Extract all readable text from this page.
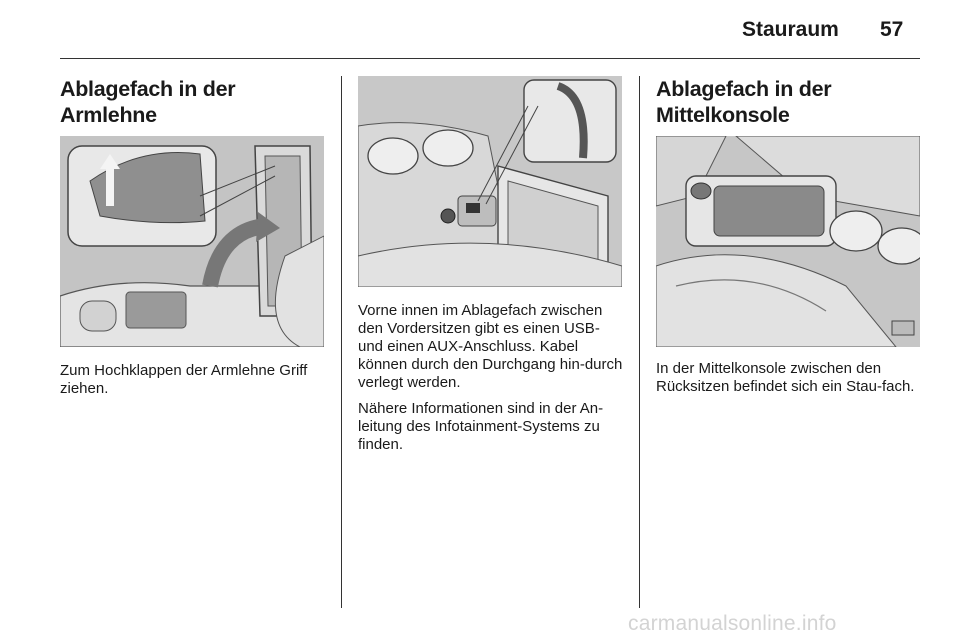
Stauraum 57
Ablagefach in der
Armlehne

Zum Hochklappen der Armlehne Griff ziehen.

Vorne innen im Ablagefach zwischen den Vordersitzen gibt es einen USB- und einen AUX-Anschluss. Kabel können durch den Durchgang hin-durch verlegt werden.

Nähere Informationen sind in der An-leitung des Infotainment-Systems zu finden.

Ablagefach in der
Mittelkonsole

In der Mittelkonsole zwischen den Rücksitzen befindet sich ein Stau-fach.

carmanualsonline.info
